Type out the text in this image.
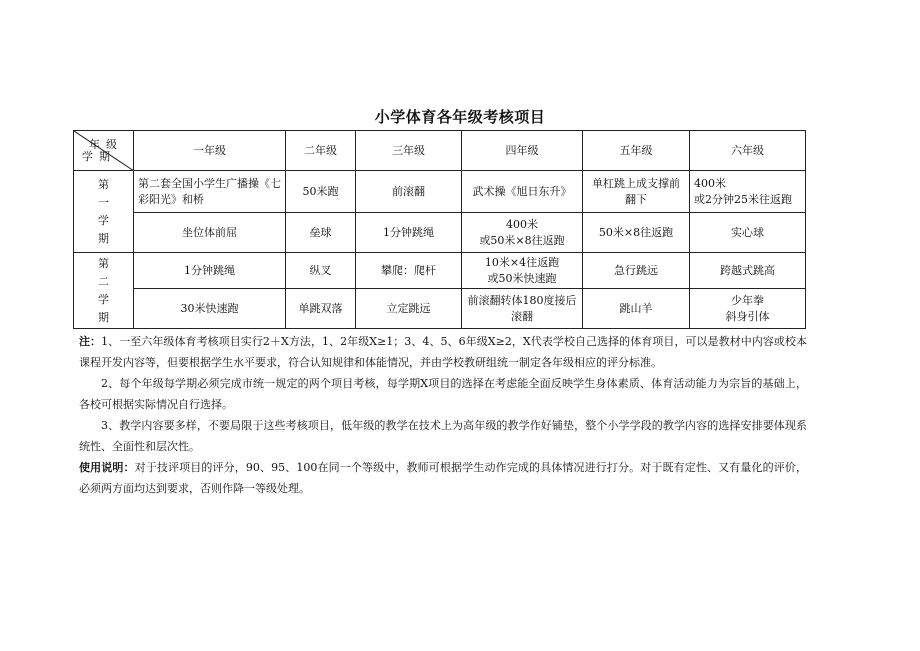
小学体育各年级考核项目
年级
学期	一年级	二年级	三年级	四年级	五年级	六年级
第一学期	第二套全国小学生广播操《七彩阳光》和桥	50米跑	前滚翻	武术操《旭日东升》	单杠跳上成支撑前翻下	400米
或2分钟25米往返跑
	坐位体前屈	垒球	1分钟跳绳	400米
或50米×8往返跑	50米×8往返跑	实心球
第二学期	1分钟跳绳	纵叉	攀爬：爬杆	10米×4往返跑
或50米快速跑	急行跳远	跨越式跳高
	30米快速跑	单跳双落	立定跳远	前滚翻转体180度接后滚翻	跳山羊	少年拳
斜身引体

注：1、一至六年级体育考核项目实行2＋X方法，1、2年级X≥1；3、4、5、6年级X≥2，X代表学校自己选择的体育项目，可以是教材中内容或校本课程开发内容等，但要根据学生水平要求，符合认知规律和体能情况，并由学校教研组统一制定各年级相应的评分标准。

2、每个年级每学期必须完成市统一规定的两个项目考核，每学期X项目的选择在考虑能全面反映学生身体素质、体育活动能力为宗旨的基础上，各校可根据实际情况自行选择。

3、教学内容要多样，不要局限于这些考核项目，低年级的教学在技术上为高年级的教学作好铺垫，整个小学学段的教学内容的选择安排要体现系统性、全面性和层次性。

使用说明：对于技评项目的评分，90、95、100在同一个等级中，教师可根据学生动作完成的具体情况进行打分。对于既有定性、又有量化的评价，必须两方面均达到要求，否则作降一等级处理。
